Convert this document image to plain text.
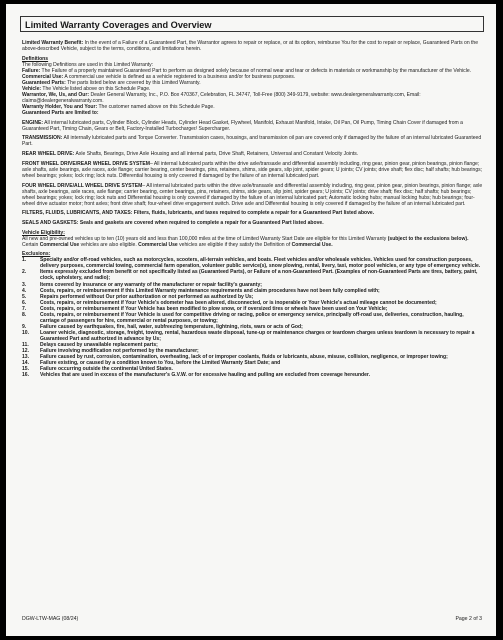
Limited Warranty Coverages and Overview

Limited Warranty Benefit: In the event of a Failure of a Guaranteed Part, the Warrantor agrees to repair or replace, or at its option, reimburse You for the cost to repair or replace, Guaranteed Parts on the above-described Vehicle, subject to the terms, conditions, and limitations herein.

Definitions

The following Definitions are used in this Limited Warranty:

Failure: The Failure of a properly maintained Guaranteed Part to perform as designed solely because of normal wear and tear or defects in materials or workmanship by the manufacturer of the Vehicle.

Commercial Use: A commercial use vehicle is defined as a vehicle registered to a business and/or for business purposes.

Guaranteed Parts: The parts listed below are covered by this Limited Warranty.

Vehicle: The Vehicle listed above on this Schedule Page.

Warrantor, We, Us, and Our: Dealer General Warranty, Inc., P.O. Box 470367, Celebration, FL 34747, Toll-Free (800) 349-9179, website: www.dealergeneralwarranty.com, Email: claims@dealergeneralwarranty.com.

Warranty Holder, You and Your: The customer named above on this Schedule Page.

Guaranteed Parts are limited to:

ENGINE: All internal lubricated parts, Cylinder Block, Cylinder Heads, Cylinder Head Gasket, Flywheel, Manifold, Exhaust Manifold, Intake, Oil Pan, Oil Pump, Timing Chain Cover if damaged from a Guaranteed Part, Timing Chain, Gears or Belt, Factory-Installed Turbocharger/ Supercharger.

TRANSMISSION: All internally lubricated parts and Torque Converter. Transmission cases, housings, and transmission oil pan are covered only if damaged by the failure of an internal lubricated Guaranteed Part.

REAR WHEEL DRIVE: Axle Shafts, Bearings, Drive Axle Housing and all internal parts, Drive Shaft, Retainers, Universal and Constant Velocity Joints.

FRONT WHEEL DRIVE/REAR WHEEL DRIVE SYSTEM– All internal lubricated parts within the drive axle/transaxle and differential assembly including, ring gear, pinion gear, pinion bearings, pinion flange; axle shafts, axle bearings, axle races, axle flange; carrier bearing, center bearings, pins, retainers, shims, side gears, slip joint, spider gears; U joints; CV joints; drive shaft; flex disc; half shafts; hub bearings; wheel bearings; yokes; lock ring; lock nuts. Differential housing is only covered if damaged by the failure of an internal lubricated part.

FOUR WHEEL DRIVE/ALL WHEEL DRIVE SYSTEM– All internal lubricated parts within the drive axle/transaxle and differential assembly including, ring gear, pinion gear, pinion bearings, pinion flange; axle shafts, axle bearings, axle races, axle flange; carrier bearing, center bearings, pins, retainers, shims, side gears, slip joint, spider gears; U joints; CV joints; drive shaft; flex disc; half shafts; hub bearings; wheel bearings; yokes; lock ring; lock nuts and Differential housing is only covered if damaged by the failure of an internal lubricated part; Automatic locking hubs; manual locking hubs; hub bearings; four-wheel drive actuator motor; front axles; front drive shaft; four-wheel drive engagement switch. Drive axle and Differential housing is only covered if damaged by the failure of an internal lubricated part.

FILTERS, FLUIDS, LUBRICANTS, AND TAXES: Filters, fluids, lubricants, and taxes required to complete a repair for a Guaranteed Part listed above.

SEALS AND GASKETS: Seals and gaskets are covered when required to complete a repair for a Guaranteed Part listed above.

Vehicle Eligibility:
All new and pre-owned vehicles up to ten (10) years old and less than 100,000 miles at the time of Limited Warranty Start Date are eligible for this Limited Warranty (subject to the exclusions below). Certain Commercial Use vehicles are also eligible. Commercial Use vehicles are eligible if they satisfy the Definition of Commercial Use.

Exclusions:
1.	Specialty and/or off-road vehicles, such as motorcycles, scooters, all-terrain vehicles, and boats. Fleet vehicles and/or wholesale vehicles. Vehicles used for construction purposes, delivery purposes, commercial towing, commercial farm operation, volunteer public service(s), snow plowing, rental, livery, taxi, motor pool vehicles, or any type of emergency vehicle.
2.	Items expressly excluded from benefit or not specifically listed as (Guaranteed Parts), or Failure of a non-Guaranteed Part. (Examples of non-Guaranteed Parts are tires, battery, paint, clock, upholstery, and radio);
3.	Items covered by insurance or any warranty of the manufacturer or repair facility's guaranty;
4.	Costs, repairs, or reimbursement if this Limited Warranty maintenance requirements and claim procedures have not been fully complied with;
5.	Repairs performed without Our prior authorization or not performed as authorized by Us;
6.	Costs, repairs, or reimbursement if Your Vehicle's odometer has been altered, disconnected, or is inoperable or Your Vehicle's actual mileage cannot be documented;
7.	Costs, repairs, or reimbursement if Your Vehicle has been modified to plow snow, or if oversized tires or wheels have been used on Your Vehicle;
8.	Costs, repairs, or reimbursement if Your Vehicle is used for competitive driving or racing, police or emergency service, principally off-road use, deliveries, construction, hauling, carriage of passengers for hire, commercial or rental purposes, or towing;
9.	Failure caused by earthquakes, fire, hail, water, subfreezing temperature, lightning, riots, wars or acts of God;
10.	Loaner vehicle, diagnostic, storage, freight, towing, rental, hazardous waste disposal, tune-up or maintenance charges or teardown charges unless teardown is necessary to repair a Guaranteed Part and authorized in advance by Us;
11.	Delays caused by unavailable replacement parts;
12.	Failure involving modification not performed by the manufacturer;
13.	Failure caused by rust, corrosion, contamination, overheating, lack of or improper coolants, fluids or lubricants, abuse, misuse, collision, negligence, or improper towing;
14.	Failure existing, or caused by a condition known to You, before the Limited Warranty Start Date; and
15.	Failure occurring outside the continental United States.
16.	Vehicles that are used in excess of the manufacturer's G.V.W. or for excessive hauling and pulling are excluded from coverage hereunder.
DGW-LTW-MAG (08/24)	Page 2 of 3
